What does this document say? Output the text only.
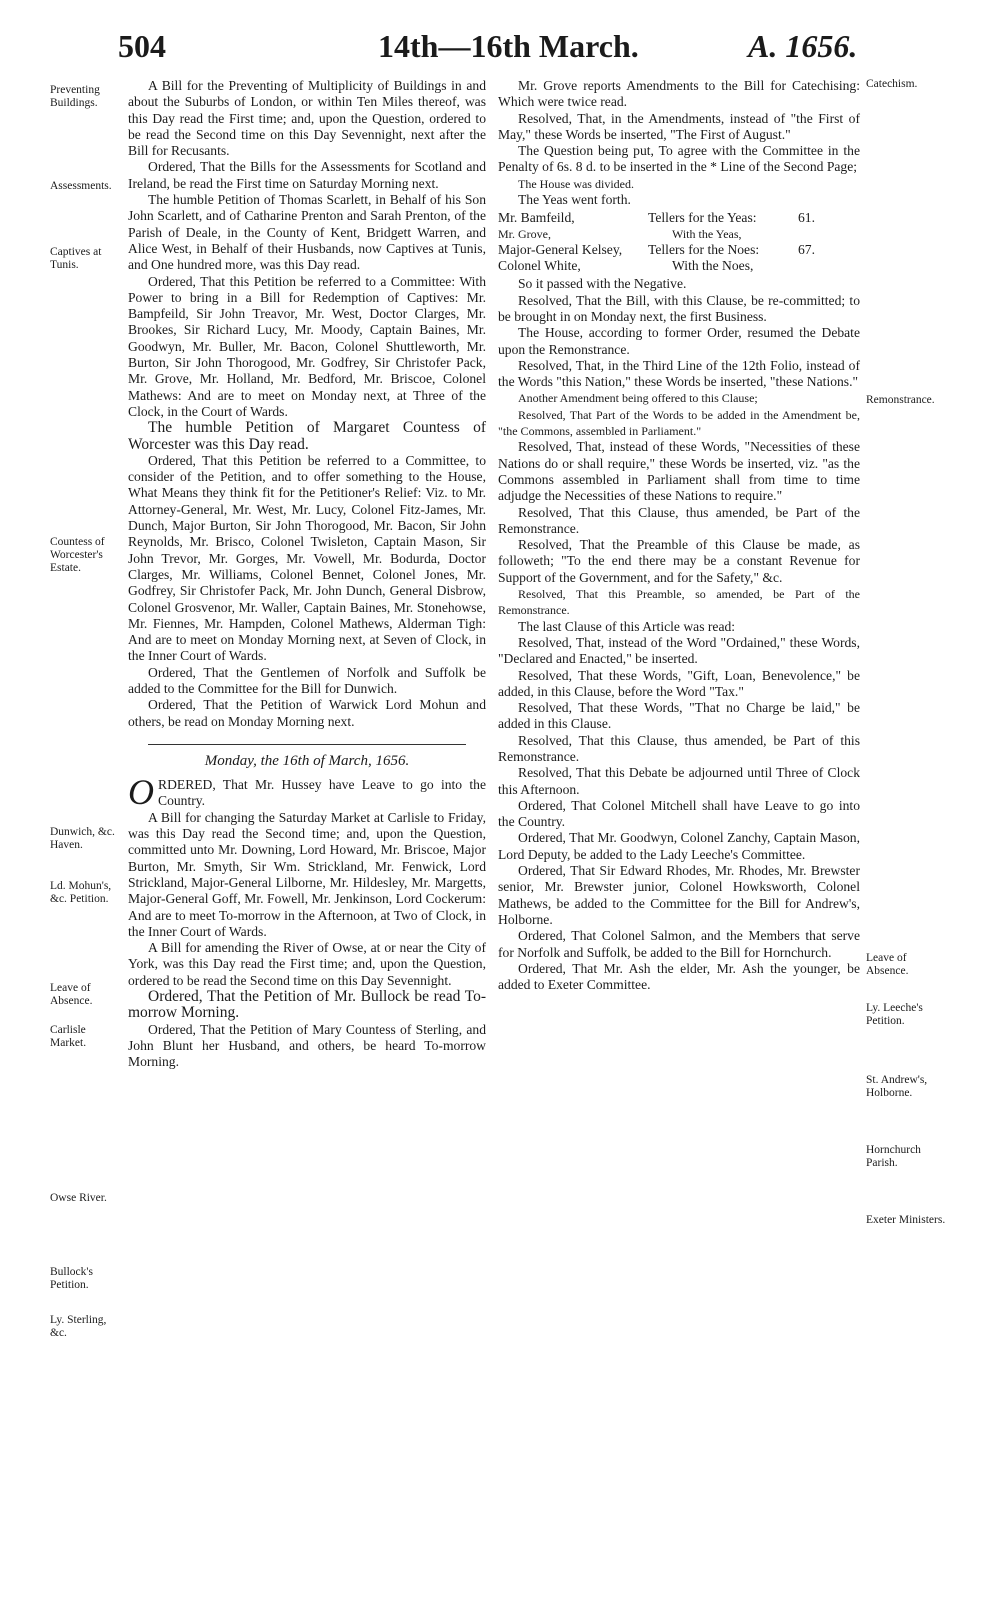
504	14th—16th March.	A. 1656.
Preventing Buildings.
Assessments.
Captives at Tunis.
Countess of Worcester's Estate.
Dunwich, &c. Haven.
Ld. Mohun's, &c. Petition.
Leave of Absence.
Carlisle Market.
Owse River.
Bullock's Petition.
Ly. Sterling, &c.
Catechism.
Remonstrance.
Leave of Absence.
Ly. Leeche's Petition.
St. Andrew's, Holborne.
Hornchurch Parish.
Exeter Ministers.

A Bill for the Preventing of Multiplicity of Buildings in and about the Suburbs of London, or within Ten Miles thereof, was this Day read the First time; and, upon the Question, ordered to be read the Second time on this Day Sevennight, next after the Bill for Recusants.

Ordered, That the Bills for the Assessments for Scotland and Ireland, be read the First time on Saturday Morning next.

The humble Petition of Thomas Scarlett, in Behalf of his Son John Scarlett, and of Catharine Prenton and Sarah Prenton, of the Parish of Deale, in the County of Kent, Bridgett Warren, and Alice West, in Behalf of their Husbands, now Captives at Tunis, and One hundred more, was this Day read.

Ordered, That this Petition be referred to a Committee: With Power to bring in a Bill for Redemption of Captives: Mr. Bampfeild, Sir John Treavor, Mr. West, Doctor Clarges, Mr. Brookes, Sir Richard Lucy, Mr. Moody, Captain Baines, Mr. Goodwyn, Mr. Buller, Mr. Bacon, Colonel Shuttleworth, Mr. Burton, Sir John Thorogood, Mr. Godfrey, Sir Christofer Pack, Mr. Grove, Mr. Holland, Mr. Bedford, Mr. Briscoe, Colonel Mathews: And are to meet on Monday next, at Three of the Clock, in the Court of Wards.

The humble Petition of Margaret Countess of Worcester was this Day read.

Ordered, That this Petition be referred to a Committee, to consider of the Petition, and to offer something to the House, What Means they think fit for the Petitioner's Relief: Viz. to Mr. Attorney-General, Mr. West, Mr. Lucy, Colonel Fitz-James, Mr. Dunch, Major Burton, Sir John Thorogood, Mr. Bacon, Sir John Reynolds, Mr. Brisco, Colonel Twisleton, Captain Mason, Sir John Trevor, Mr. Gorges, Mr. Vowell, Mr. Bodurda, Doctor Clarges, Mr. Williams, Colonel Bennet, Colonel Jones, Mr. Godfrey, Sir Christofer Pack, Mr. John Dunch, General Disbrow, Colonel Grosvenor, Mr. Waller, Captain Baines, Mr. Stonehowse, Mr. Fiennes, Mr. Hampden, Colonel Mathews, Alderman Tigh: And are to meet on Monday Morning next, at Seven of Clock, in the Inner Court of Wards.

Ordered, That the Gentlemen of Norfolk and Suffolk be added to the Committee for the Bill for Dunwich.

Ordered, That the Petition of Warwick Lord Mohun and others, be read on Monday Morning next.

Monday, the 16th of March, 1656.

O RDERED, That Mr. Hussey have Leave to go into the Country.

A Bill for changing the Saturday Market at Carlisle to Friday, was this Day read the Second time; and, upon the Question, committed unto Mr. Downing, Lord Howard, Mr. Briscoe, Major Burton, Mr. Smyth, Sir Wm. Strickland, Mr. Fenwick, Lord Strickland, Major-General Lilborne, Mr. Hildesley, Mr. Margetts, Major-General Goff, Mr. Fowell, Mr. Jenkinson, Lord Cockerum: And are to meet To-morrow in the Afternoon, at Two of Clock, in the Inner Court of Wards.

A Bill for amending the River of Owse, at or near the City of York, was this Day read the First time; and, upon the Question, ordered to be read the Second time on this Day Sevennight.

Ordered, That the Petition of Mr. Bullock be read To-morrow Morning.

Ordered, That the Petition of Mary Countess of Sterling, and John Blunt her Husband, and others, be heard To-morrow Morning.

Mr. Grove reports Amendments to the Bill for Catechising: Which were twice read.

Resolved, That, in the Amendments, instead of "the First of May," these Words be inserted, "The First of August."

The Question being put, To agree with the Committee in the Penalty of 6s. 8 d. to be inserted in the * Line of the Second Page;

The House was divided.

The Yeas went forth.

Mr. Bamfeild,	Tellers for the Yeas:	61.
Mr. Grove,	With the Yeas,	
Major-General Kelsey,	Tellers for the Noes:	67.
Colonel White,	With the Noes,	

So it passed with the Negative.

Resolved, That the Bill, with this Clause, be re-committed; to be brought in on Monday next, the first Business.

The House, according to former Order, resumed the Debate upon the Remonstrance.

Resolved, That, in the Third Line of the 12th Folio, instead of the Words "this Nation," these Words be inserted, "these Nations."

Another Amendment being offered to this Clause;

Resolved, That Part of the Words to be added in the Amendment be, "the Commons, assembled in Parliament."

Resolved, That, instead of these Words, "Necessities of these Nations do or shall require," these Words be inserted, viz. "as the Commons assembled in Parliament shall from time to time adjudge the Necessities of these Nations to require."

Resolved, That this Clause, thus amended, be Part of the Remonstrance.

Resolved, That the Preamble of this Clause be made, as followeth; "To the end there may be a constant Revenue for Support of the Government, and for the Safety," &c.

Resolved, That this Preamble, so amended, be Part of the Remonstrance.

The last Clause of this Article was read:

Resolved, That, instead of the Word "Ordained," these Words, "Declared and Enacted," be inserted.

Resolved, That these Words, "Gift, Loan, Benevolence," be added, in this Clause, before the Word "Tax."

Resolved, That these Words, "That no Charge be laid," be added in this Clause.

Resolved, That this Clause, thus amended, be Part of this Remonstrance.

Resolved, That this Debate be adjourned until Three of Clock this Afternoon.

Ordered, That Colonel Mitchell shall have Leave to go into the Country.

Ordered, That Mr. Goodwyn, Colonel Zanchy, Captain Mason, Lord Deputy, be added to the Lady Leeche's Committee.

Ordered, That Sir Edward Rhodes, Mr. Rhodes, Mr. Brewster senior, Mr. Brewster junior, Colonel Howksworth, Colonel Mathews, be added to the Committee for the Bill for Andrew's, Holborne.

Ordered, That Colonel Salmon, and the Members that serve for Norfolk and Suffolk, be added to the Bill for Hornchurch.

Ordered, That Mr. Ash the elder, Mr. Ash the younger, be added to Exeter Committee.
